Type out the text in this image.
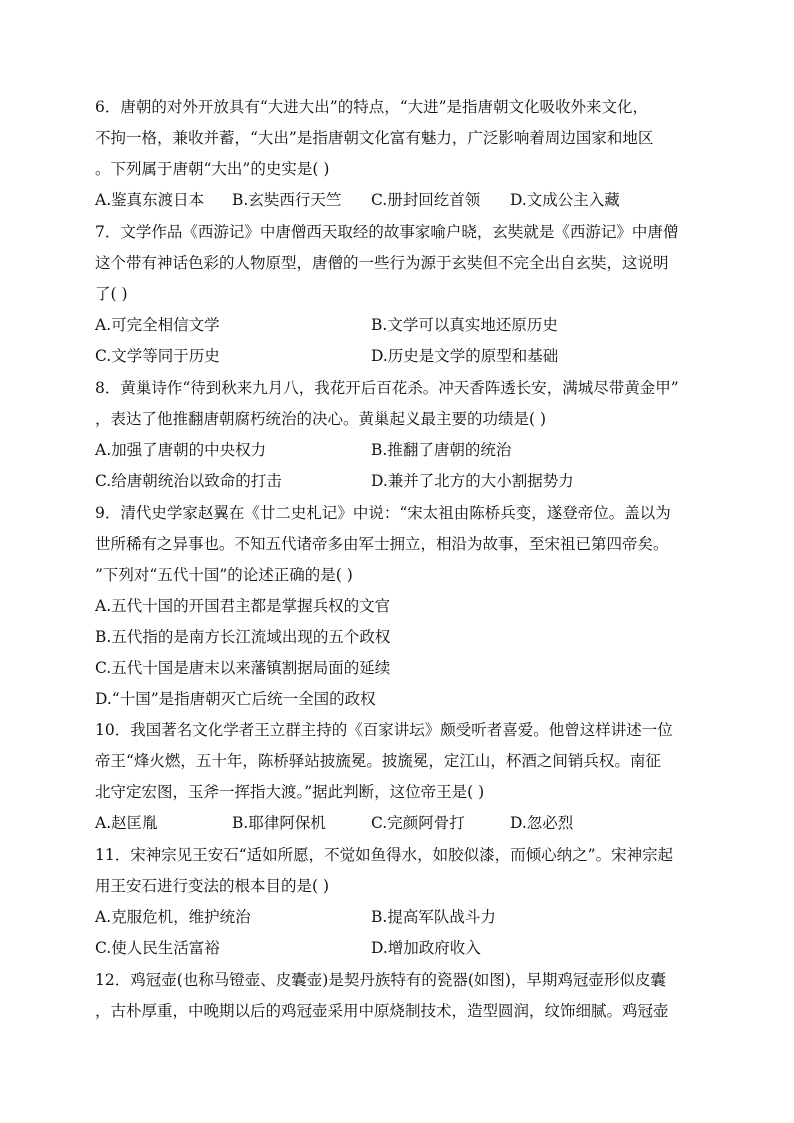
6．唐朝的对外开放具有“大进大出”的特点，“大进”是指唐朝文化吸收外来文化，
不拘一格，兼收并蓄，“大出”是指唐朝文化富有魅力，广泛影响着周边国家和地区
。下列属于唐朝“大出”的史实是( )
A.鉴真东渡日本 B.玄奘西行天竺 C.册封回纥首领 D.文成公主入藏
7．文学作品《西游记》中唐僧西天取经的故事家喻户晓，玄奘就是《西游记》中唐僧
这个带有神话色彩的人物原型，唐僧的一些行为源于玄奘但不完全出自玄奘，这说明
了( )
A.可完全相信文学	B.文学可以真实地还原历史
C.文学等同于历史	D.历史是文学的原型和基础
8．黄巢诗作“待到秋来九月八，我花开后百花杀。冲天香阵透长安，满城尽带黄金甲”
，表达了他推翻唐朝腐朽统治的决心。黄巢起义最主要的功绩是( )
A.加强了唐朝的中央权力	B.推翻了唐朝的统治
C.给唐朝统治以致命的打击	D.兼并了北方的大小割据势力
9．清代史学家赵翼在《廿二史札记》中说：“宋太祖由陈桥兵变，遂登帝位。盖以为
世所稀有之异事也。不知五代诸帝多由军士拥立，相沿为故事，至宋祖已第四帝矣。
”下列对“五代十国”的论述正确的是( )
A.五代十国的开国君主都是掌握兵权的文官
B.五代指的是南方长江流域出现的五个政权
C.五代十国是唐末以来藩镇割据局面的延续
D.“十国”是指唐朝灭亡后统一全国的政权
10．我国著名文化学者王立群主持的《百家讲坛》颇受听者喜爱。他曾这样讲述一位
帝王“烽火燃，五十年，陈桥驿站披旒冕。披旒冕，定江山，杯酒之间销兵权。南征
北守定宏图，玉斧一挥指大渡。”据此判断，这位帝王是( )
A.赵匡胤	B.耶律阿保机	C.完颜阿骨打	D.忽必烈
11．宋神宗见王安石“适如所愿，不觉如鱼得水，如胶似漆，而倾心纳之”。宋神宗起
用王安石进行变法的根本目的是( )
A.克服危机，维护统治	B.提高军队战斗力
C.使人民生活富裕	D.增加政府收入
12．鸡冠壶(也称马镫壶、皮囊壶)是契丹族特有的瓷器(如图)，早期鸡冠壶形似皮囊
，古朴厚重，中晚期以后的鸡冠壶采用中原烧制技术，造型圆润，纹饰细腻。鸡冠壶
